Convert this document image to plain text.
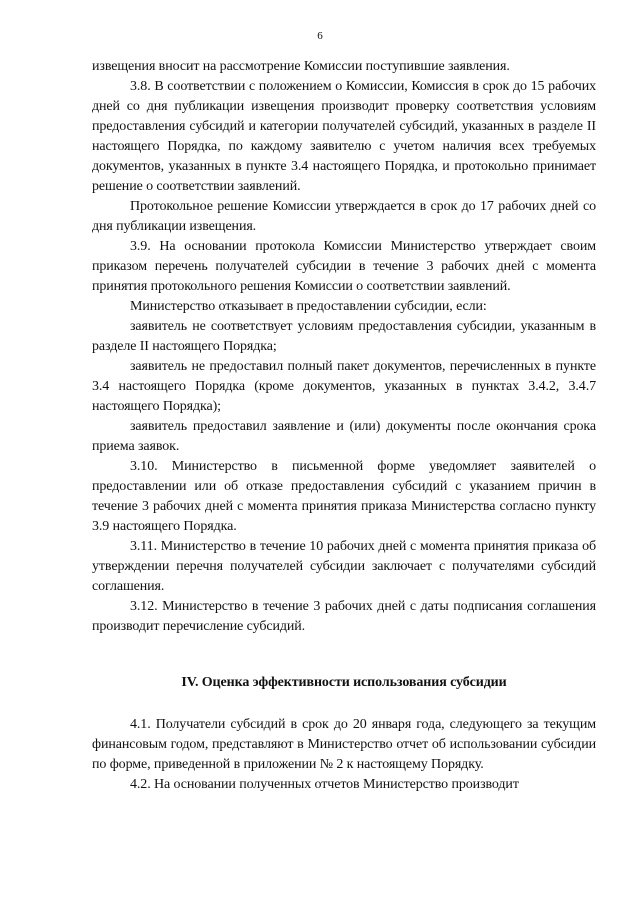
6

извещения вносит на рассмотрение Комиссии поступившие заявления.

3.8. В соответствии с положением о Комиссии, Комиссия в срок до 15 рабочих дней со дня публикации извещения производит проверку соответствия условиям предоставления субсидий и категории получателей субсидий, указанных в разделе II настоящего Порядка, по каждому заявителю с учетом наличия всех требуемых документов, указанных в пункте 3.4 настоящего Порядка, и протокольно принимает решение о соответствии заявлений.

Протокольное решение Комиссии утверждается в срок до 17 рабочих дней со дня публикации извещения.

3.9. На основании протокола Комиссии Министерство утверждает своим приказом перечень получателей субсидии в течение 3 рабочих дней с момента принятия протокольного решения Комиссии о соответствии заявлений.

Министерство отказывает в предоставлении субсидии, если:

заявитель не соответствует условиям предоставления субсидии, указанным в разделе II настоящего Порядка;

заявитель не предоставил полный пакет документов, перечисленных в пункте 3.4 настоящего Порядка (кроме документов, указанных в пунктах 3.4.2, 3.4.7 настоящего Порядка);

заявитель предоставил заявление и (или) документы после окончания срока приема заявок.

3.10. Министерство в письменной форме уведомляет заявителей о предоставлении или об отказе предоставления субсидий с указанием причин в течение 3 рабочих дней с момента принятия приказа Министерства согласно пункту 3.9 настоящего Порядка.

3.11. Министерство в течение 10 рабочих дней с момента принятия приказа об утверждении перечня получателей субсидии заключает с получателями субсидий соглашения.

3.12. Министерство в течение 3 рабочих дней с даты подписания соглашения производит перечисление субсидий.

IV. Оценка эффективности использования субсидии

4.1. Получатели субсидий в срок до 20 января года, следующего за текущим финансовым годом, представляют в Министерство отчет об использовании субсидии по форме, приведенной в приложении № 2 к настоящему Порядку.

4.2. На основании полученных отчетов Министерство производит
